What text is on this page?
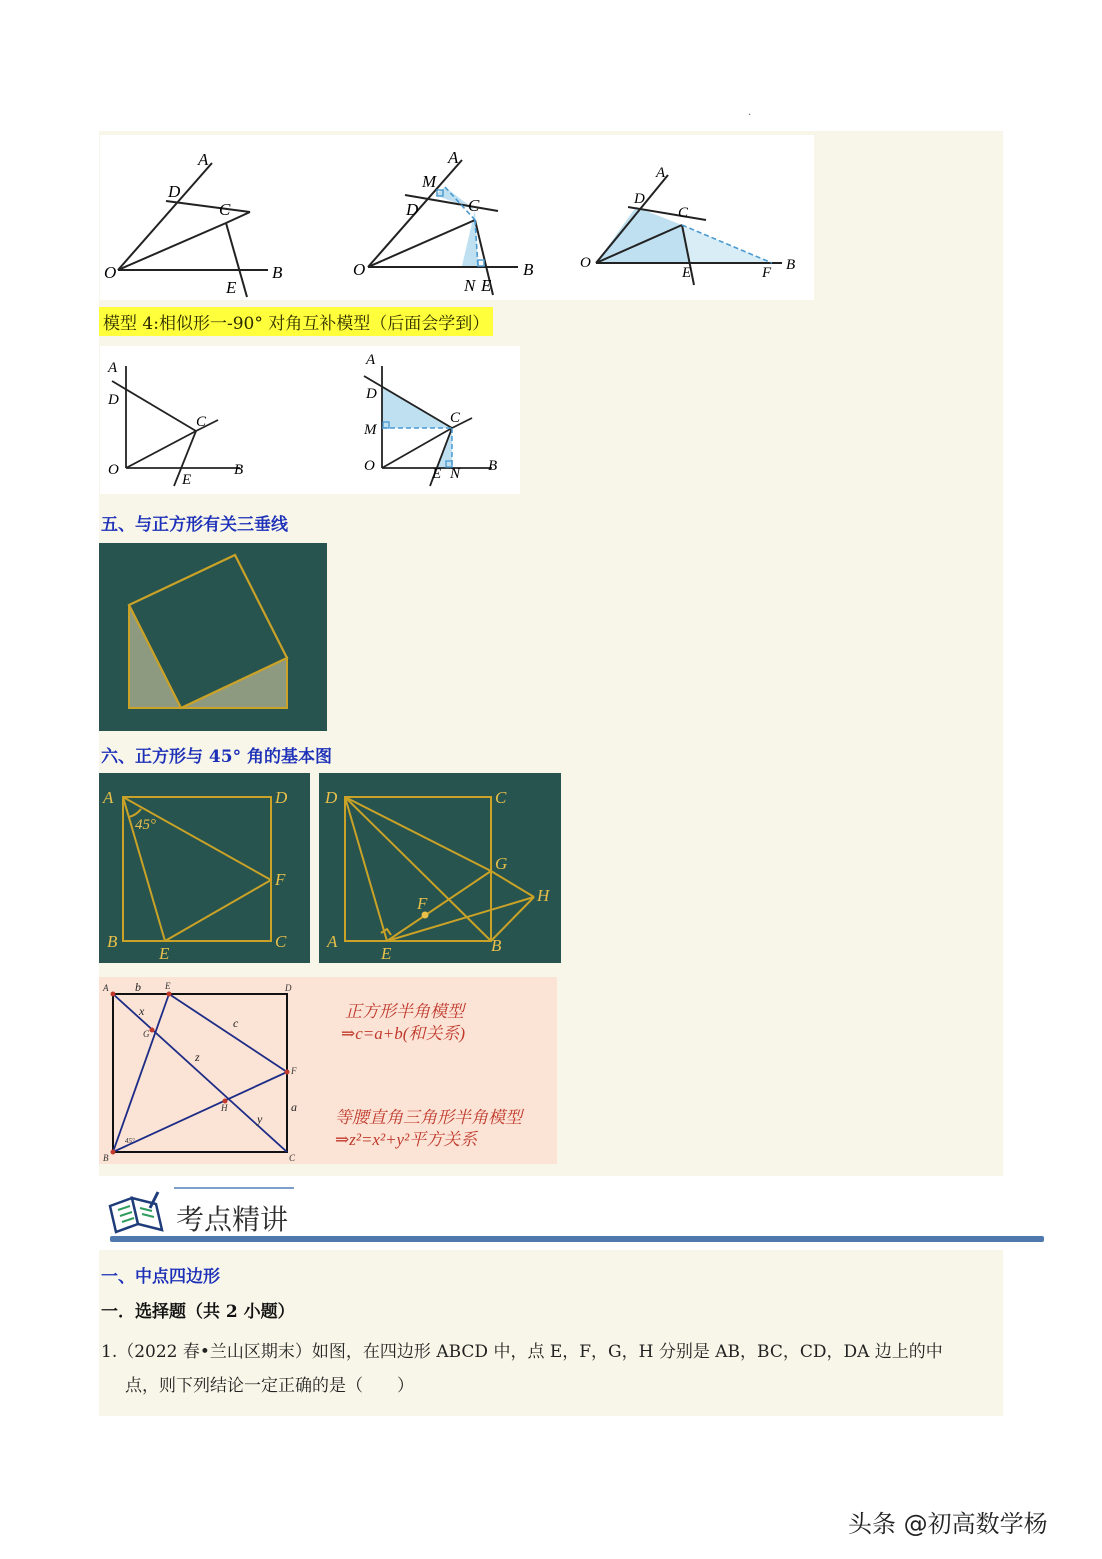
·
O
A
D
C
B
E
O
A
M
D	C
B
N E
O
A
D
C
B
E	F
模型 4:相似形一-90° 对角互补模型（后面会学到）
A
D
C
O	B
E
A
D
C
M
O	B
E N
五、与正方形有关三垂线
六、正方形与 45° 角的基本图
A	D
F
C
B
E
45°
D	C
G
H
F
A
E	B
A	E	D
F
C
B
G
H
45°
b
x
c
z
a
y
正方形半角模型
⇒c=a+b(和关系)
等腰直角三角形半角模型
⇒z²=x²+y²平方关系
考点精讲
一、中点四边形
一．选择题（共 2 小题）
1.（2022 春•兰山区期末）如图，在四边形 ABCD 中，点 E，F，G，H 分别是 AB，BC，CD，DA 边上的中
点，则下列结论一定正确的是（　　）
头条 @初高数学杨
